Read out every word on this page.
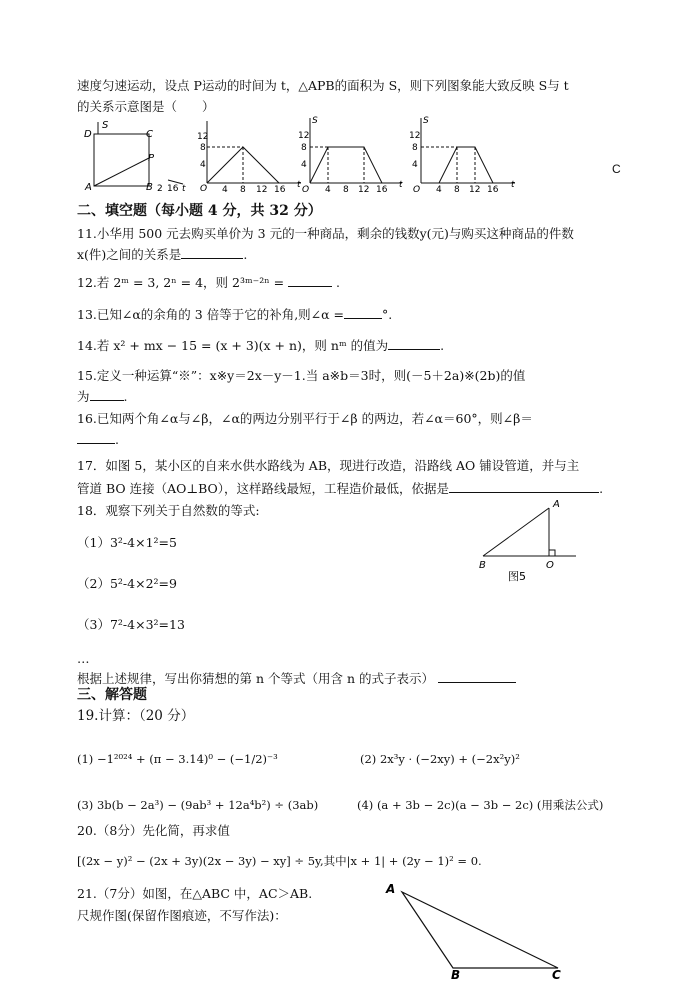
速度匀速运动，设点 P运动的时间为 t，△APB的面积为 S，则下列图象能大致反映 S与 t
的关系示意图是（　　）
D
S
C
P
A	B 2 16 t
12
8
4
O 4 8 12 16 t
S
12
8
4
O 4 8 12 16 t
S
12
8
4
O 4 8 12 16 t
C
二、填空题（每小题 4 分，共 32 分）
11.小华用 500 元去购买单价为 3 元的一种商品，剩余的钱数y(元)与购买这种商品的件数
x(件)之间的关系是	.
12.若 2ᵐ = 3, 2ⁿ = 4，则 2³ᵐ⁻²ⁿ =	.
13.已知∠α的余角的 3 倍等于它的补角,则∠α =	°.
14.若 x² + mx − 15 = (x + 3)(x + n)，则 nᵐ 的值为	.
15.定义一种运算“※”：x※y＝2x－y－1.当 a※b＝3时，则(－5＋2a)※(2b)的值
为	.
16.已知两个角∠α与∠β，∠α的两边分别平行于∠β 的两边，若∠α＝60°，则∠β＝
.
17．如图 5，某小区的自来水供水路线为 AB，现进行改造，沿路线 AO 铺设管道，并与主
管道 BO 连接（AO⊥BO），这样路线最短，工程造价最低，依据是	.
18．观察下列关于自然数的等式:
（1）3²-4×1²=5
（2）5²-4×2²=9
（3）7²-4×3²=13
…
根据上述规律，写出你猜想的第 n 个等式（用含 n 的式子表示）
A
B	O
图5
三、解答题
19.计算：（20 分）
(1) −1²⁰²⁴ + (π − 3.14)⁰ − (−1/2)⁻³	(2) 2x³y · (−2xy) + (−2x²y)²
(3) 3b(b − 2a³) − (9ab³ + 12a⁴b²) ÷ (3ab)	(4) (a + 3b − 2c)(a − 3b − 2c) (用乘法公式)
20.（8分）先化简，再求值
[(2x − y)² − (2x + 3y)(2x − 3y) − xy] ÷ 5y,其中|x + 1| + (2y − 1)² = 0.
21.（7分）如图，在△ABC 中，AC＞AB.
尺规作图(保留作图痕迹，不写作法)：
A
B	C
